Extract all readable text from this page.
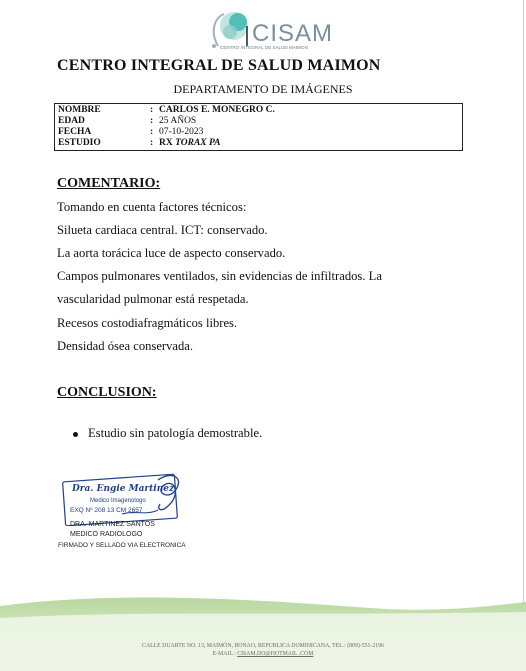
CISAM
CENTRO INTEGRAL DE SALUD MAIMON
CENTRO INTEGRAL DE SALUD MAIMON
DEPARTAMENTO DE IMÁGENES
NOMBRE	: CARLOS E. MONEGRO C.
EDAD	: 25 AÑOS
FECHA	: 07-10-2023
ESTUDIO	: RX TORAX PA
COMENTARIO:
Tomando en cuenta factores técnicos:
Silueta cardiaca central. ICT: conservado.
La aorta torácica luce de aspecto conservado.
Campos pulmonares ventilados, sin evidencias de infiltrados. La
vascularidad pulmonar está respetada.
Recesos costodiafragmáticos libres.
Densidad ósea conservada.
CONCLUSION:
Estudio sin patología demostrable.
Dra. Engie Martinez
Medico Imagenologo
EXQ Nº 208 13 CM 2657
DRA. MARTINEZ SANTOS
MEDICO RADIOLOGO
FIRMADO Y SELLADO VIA ELECTRONICA
CALLE DUARTE NO. 13, MAIMÓN, BONAO, REPUBLICA DOMINICANA, TEL.: (809)-551-2196
E-MAIL : CISAM.DO@HOTMAIL .COM
